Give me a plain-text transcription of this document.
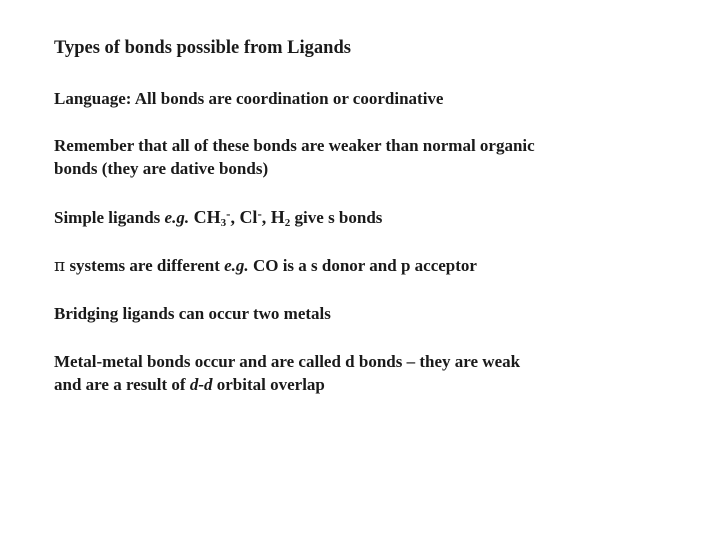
Types of bonds possible from Ligands
Language: All bonds are coordination or coordinative
Remember that all of these bonds are weaker than normal organic
bonds (they are dative bonds)
Simple ligands e.g. $CH_3^-$, Cl-, $H_2$ give s bonds
π systems are different e.g. CO is a s donor and p acceptor
Bridging ligands can occur two metals
Metal-metal bonds occur and are called d bonds – they are weak
and are a result of d-d orbital overlap
